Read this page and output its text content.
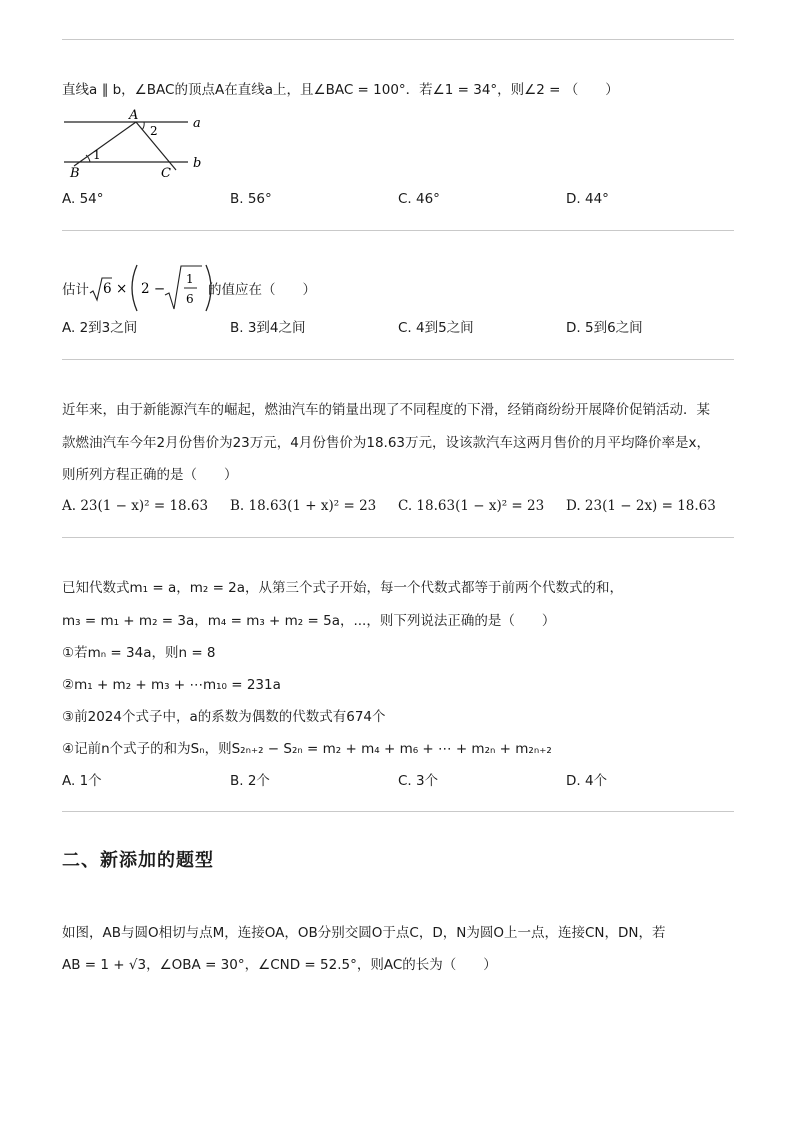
直线a ∥ b，∠BAC的顶点A在直线a上，且∠BAC = 100°．若∠1 = 34°，则∠2 = （　　）
A
a
b
B	C
1
2
A. 54°	B. 56°	C. 46°	D. 44°
估计 6 × 2 −
1
6
的值应在（　　）
A. 2到3之间	B. 3到4之间	C. 4到5之间	D. 5到6之间
近年来，由于新能源汽车的崛起，燃油汽车的销量出现了不同程度的下滑，经销商纷纷开展降价促销活动．某
款燃油汽车今年2月份售价为23万元，4月份售价为18.63万元，设该款汽车这两月售价的月平均降价率是x，
则所列方程正确的是（　　）
A. 23(1 − x)² = 18.63 B. 18.63(1 + x)² = 23 C. 18.63(1 − x)² = 23 D. 23(1 − 2x) = 18.63
已知代数式m₁ = a，m₂ = 2a，从第三个式子开始，每一个代数式都等于前两个代数式的和，
m₃ = m₁ + m₂ = 3a，m₄ = m₃ + m₂ = 5a，...，则下列说法正确的是（　　）
①若mₙ = 34a，则n = 8
②m₁ + m₂ + m₃ + ⋯m₁₀ = 231a
③前2024个式子中，a的系数为偶数的代数式有674个
④记前n个式子的和为Sₙ，则S₂ₙ₊₂ − S₂ₙ = m₂ + m₄ + m₆ + ⋯ + m₂ₙ + m₂ₙ₊₂
A. 1个	B. 2个	C. 3个	D. 4个
二、新添加的题型
如图，AB与圆O相切与点M，连接OA，OB分别交圆O于点C，D，N为圆O上一点，连接CN，DN，若
AB = 1 + √3，∠OBA = 30°，∠CND = 52.5°，则AC的长为（　　）
